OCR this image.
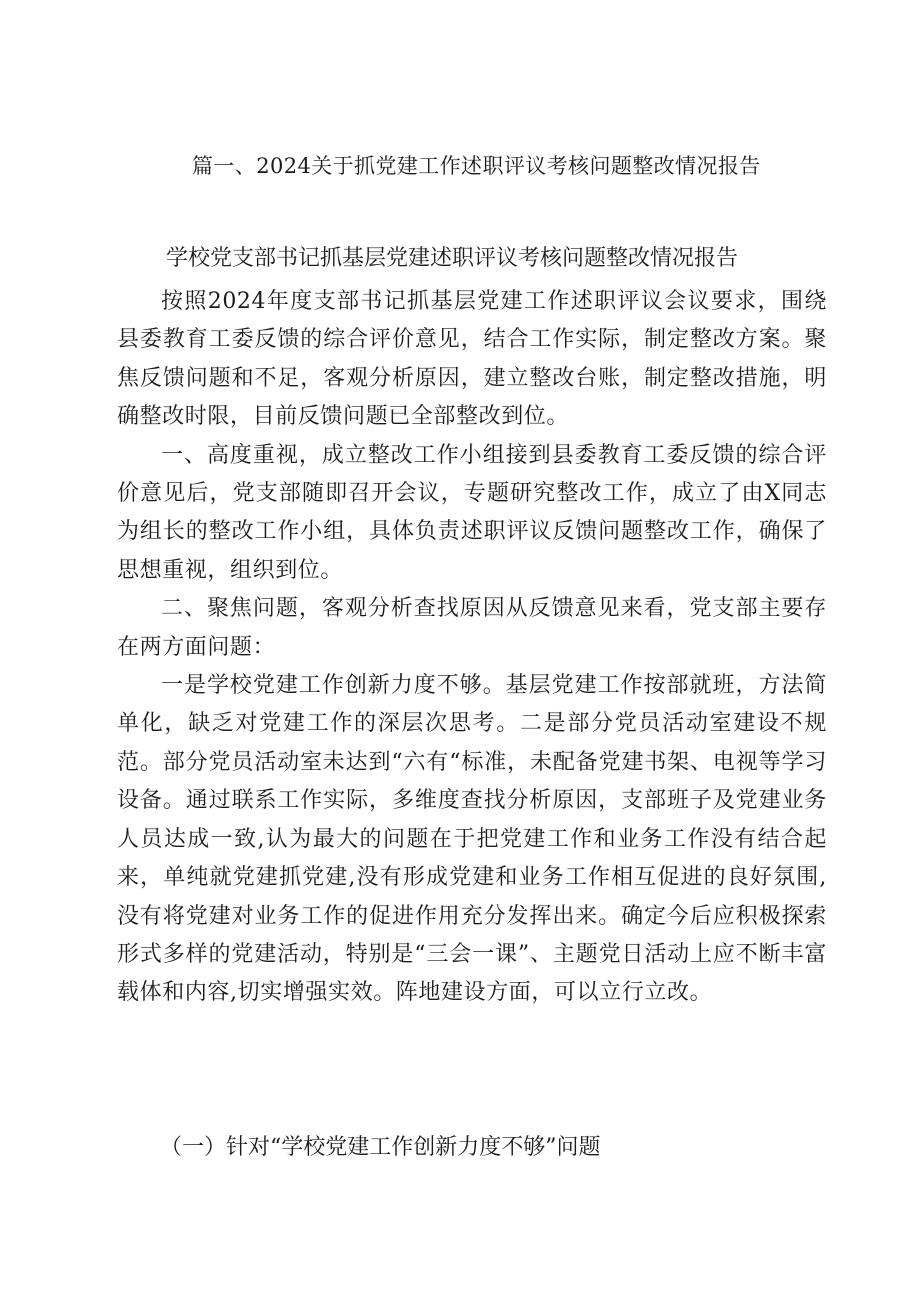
篇一、2024关于抓党建工作述职评议考核问题整改情况报告
学校党支部书记抓基层党建述职评议考核问题整改情况报告

按照2024年度支部书记抓基层党建工作述职评议会议要求，围绕县委教育工委反馈的综合评价意见，结合工作实际，制定整改方案。聚焦反馈问题和不足，客观分析原因，建立整改台账，制定整改措施，明确整改时限，目前反馈问题已全部整改到位。

一、高度重视，成立整改工作小组接到县委教育工委反馈的综合评价意见后，党支部随即召开会议，专题研究整改工作，成立了由X同志为组长的整改工作小组，具体负责述职评议反馈问题整改工作，确保了思想重视，组织到位。

二、聚焦问题，客观分析查找原因从反馈意见来看，党支部主要存在两方面问题：

一是学校党建工作创新力度不够。基层党建工作按部就班，方法简单化，缺乏对党建工作的深层次思考。二是部分党员活动室建设不规范。部分党员活动室未达到“六有“标准，未配备党建书架、电视等学习设备。通过联系工作实际，多维度查找分析原因，支部班子及党建业务人员达成一致,认为最大的问题在于把党建工作和业务工作没有结合起来，单纯就党建抓党建,没有形成党建和业务工作相互促进的良好氛围,没有将党建对业务工作的促进作用充分发挥出来。确定今后应积极探索形式多样的党建活动，特别是“三会一课”、主题党日活动上应不断丰富载体和内容,切实增强实效。阵地建设方面，可以立行立改。

（一）针对“学校党建工作创新力度不够”问题
